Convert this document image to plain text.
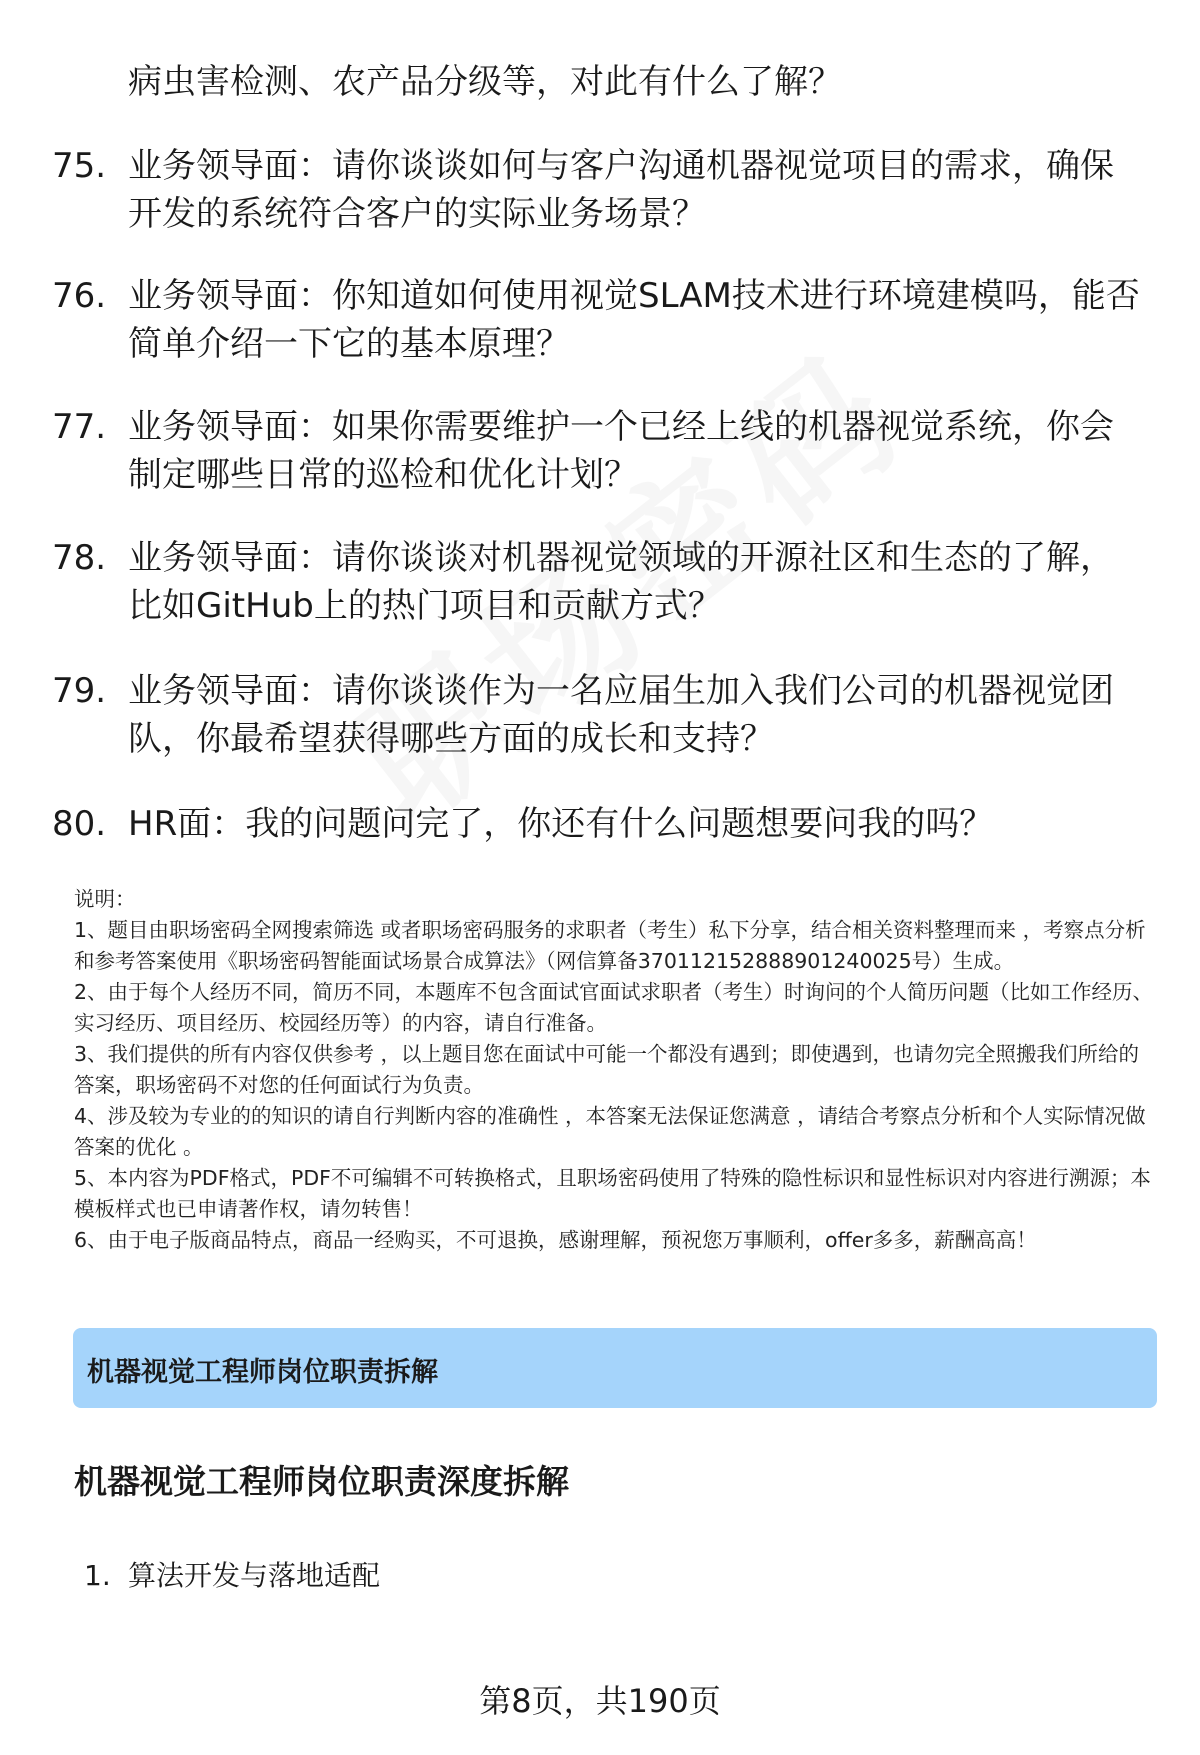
病虫害检测、农产品分级等，对此有什么了解？
75. 业务领导面：请你谈谈如何与客户沟通机器视觉项目的需求，确保开发的系统符合客户的实际业务场景？
76. 业务领导面：你知道如何使用视觉SLAM技术进行环境建模吗，能否简单介绍一下它的基本原理？
77. 业务领导面：如果你需要维护一个已经上线的机器视觉系统，你会制定哪些日常的巡检和优化计划？
78. 业务领导面：请你谈谈对机器视觉领域的开源社区和生态的了解，比如GitHub上的热门项目和贡献方式？
79. 业务领导面：请你谈谈作为一名应届生加入我们公司的机器视觉团队，你最希望获得哪些方面的成长和支持？
80. HR面：我的问题问完了，你还有什么问题想要问我的吗？

说明：

1、题目由职场密码全网搜索筛选 或者职场密码服务的求职者（考生）私下分享，结合相关资料整理而来 ，考察点分析和参考答案使用《职场密码智能面试场景合成算法》（网信算备370112152888901240025号）生成。

2、由于每个人经历不同，简历不同，本题库不包含面试官面试求职者（考生）时询问的个人简历问题（比如工作经历、实习经历、项目经历、校园经历等）的内容，请自行准备。

3、我们提供的所有内容仅供参考 ，以上题目您在面试中可能一个都没有遇到；即使遇到，也请勿完全照搬我们所给的答案，职场密码不对您的任何面试行为负责。

4、涉及较为专业的的知识的请自行判断内容的准确性 ，本答案无法保证您满意 ，请结合考察点分析和个人实际情况做答案的优化 。

5、本内容为PDF格式，PDF不可编辑不可转换格式，且职场密码使用了特殊的隐性标识和显性标识对内容进行溯源；本模板样式也已申请著作权，请勿转售！

6、由于电子版商品特点，商品一经购买，不可退换，感谢理解，预祝您万事顺利，offer多多，薪酬高高！

机器视觉工程师岗位职责拆解
机器视觉工程师岗位职责深度拆解
1. 算法开发与落地适配
第8页，共190页
